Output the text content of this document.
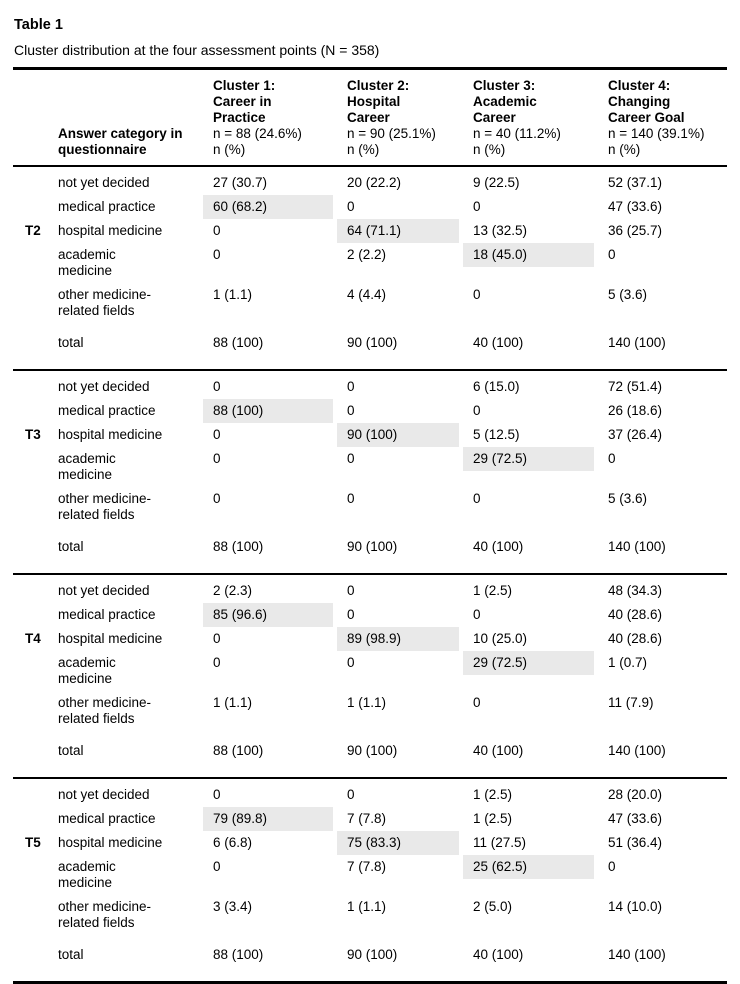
Table 1
Cluster distribution at the four assessment points (N = 358)
Answer category in questionnaire		Cluster 1:
Career in
Practice
n = 88 (24.6%)
n (%)	Cluster 2:
Hospital
Career
n = 90 (25.1%)
n (%)	Cluster 3:
Academic
Career
n = 40 (11.2%)
n (%)	Cluster 4:
Changing
Career Goal
n = 140 (39.1%)
n (%)

	not yet decided	27 (30.7)	20 (22.2)	9 (22.5)	52 (37.1)

	medical practice	60 (68.2)	0	0	47 (33.6)

T2	hospital medicine	0	64 (71.1)	13 (32.5)	36 (25.7)

	academic medicine	0	2 (2.2)	18 (45.0)	0

	other medicine-related fields	1 (1.1)	4 (4.4)	0	5 (3.6)

	total	88 (100)	90 (100)	40 (100)	140 (100)

	not yet decided	0	0	6 (15.0)	72 (51.4)

	medical practice	88 (100)	0	0	26 (18.6)

T3	hospital medicine	0	90 (100)	5 (12.5)	37 (26.4)

	academic medicine	0	0	29 (72.5)	0

	other medicine-related fields	0	0	0	5 (3.6)

	total	88 (100)	90 (100)	40 (100)	140 (100)

	not yet decided	2 (2.3)	0	1 (2.5)	48 (34.3)

	medical practice	85 (96.6)	0	0	40 (28.6)

T4	hospital medicine	0	89 (98.9)	10 (25.0)	40 (28.6)

	academic medicine	0	0	29 (72.5)	1 (0.7)

	other medicine-related fields	1 (1.1)	1 (1.1)	0	11 (7.9)

	total	88 (100)	90 (100)	40 (100)	140 (100)

	not yet decided	0	0	1 (2.5)	28 (20.0)

	medical practice	79 (89.8)	7 (7.8)	1 (2.5)	47 (33.6)

T5	hospital medicine	6 (6.8)	75 (83.3)	11 (27.5)	51 (36.4)

	academic medicine	0	7 (7.8)	25 (62.5)	0

	other medicine-related fields	3 (3.4)	1 (1.1)	2 (5.0)	14 (10.0)

	total	88 (100)	90 (100)	40 (100)	140 (100)
